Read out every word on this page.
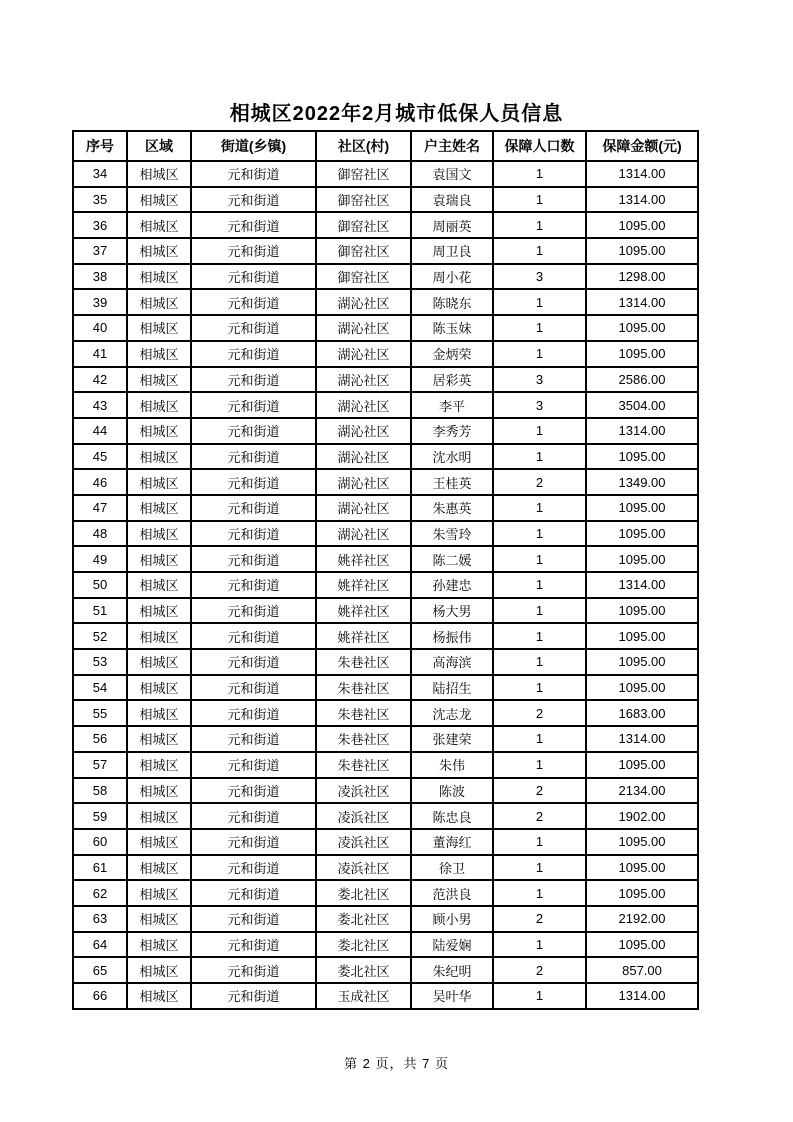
相城区2022年2月城市低保人员信息
序号	区域	街道(乡镇)	社区(村)	户主姓名	保障人口数	保障金额(元)
34	相城区	元和街道	御窑社区	袁国文	1	1314.00
35	相城区	元和街道	御窑社区	袁瑞良	1	1314.00
36	相城区	元和街道	御窑社区	周丽英	1	1095.00
37	相城区	元和街道	御窑社区	周卫良	1	1095.00
38	相城区	元和街道	御窑社区	周小花	3	1298.00
39	相城区	元和街道	湖沁社区	陈晓东	1	1314.00
40	相城区	元和街道	湖沁社区	陈玉妹	1	1095.00
41	相城区	元和街道	湖沁社区	金炳荣	1	1095.00
42	相城区	元和街道	湖沁社区	居彩英	3	2586.00
43	相城区	元和街道	湖沁社区	李平	3	3504.00
44	相城区	元和街道	湖沁社区	李秀芳	1	1314.00
45	相城区	元和街道	湖沁社区	沈水明	1	1095.00
46	相城区	元和街道	湖沁社区	王桂英	2	1349.00
47	相城区	元和街道	湖沁社区	朱惠英	1	1095.00
48	相城区	元和街道	湖沁社区	朱雪玲	1	1095.00
49	相城区	元和街道	姚祥社区	陈二媛	1	1095.00
50	相城区	元和街道	姚祥社区	孙建忠	1	1314.00
51	相城区	元和街道	姚祥社区	杨大男	1	1095.00
52	相城区	元和街道	姚祥社区	杨振伟	1	1095.00
53	相城区	元和街道	朱巷社区	高海滨	1	1095.00
54	相城区	元和街道	朱巷社区	陆招生	1	1095.00
55	相城区	元和街道	朱巷社区	沈志龙	2	1683.00
56	相城区	元和街道	朱巷社区	张建荣	1	1314.00
57	相城区	元和街道	朱巷社区	朱伟	1	1095.00
58	相城区	元和街道	凌浜社区	陈波	2	2134.00
59	相城区	元和街道	凌浜社区	陈忠良	2	1902.00
60	相城区	元和街道	凌浜社区	董海红	1	1095.00
61	相城区	元和街道	凌浜社区	徐卫	1	1095.00
62	相城区	元和街道	娄北社区	范洪良	1	1095.00
63	相城区	元和街道	娄北社区	顾小男	2	2192.00
64	相城区	元和街道	娄北社区	陆爱娴	1	1095.00
65	相城区	元和街道	娄北社区	朱纪明	2	857.00
66	相城区	元和街道	玉成社区	吴叶华	1	1314.00
第 2 页，共 7 页
